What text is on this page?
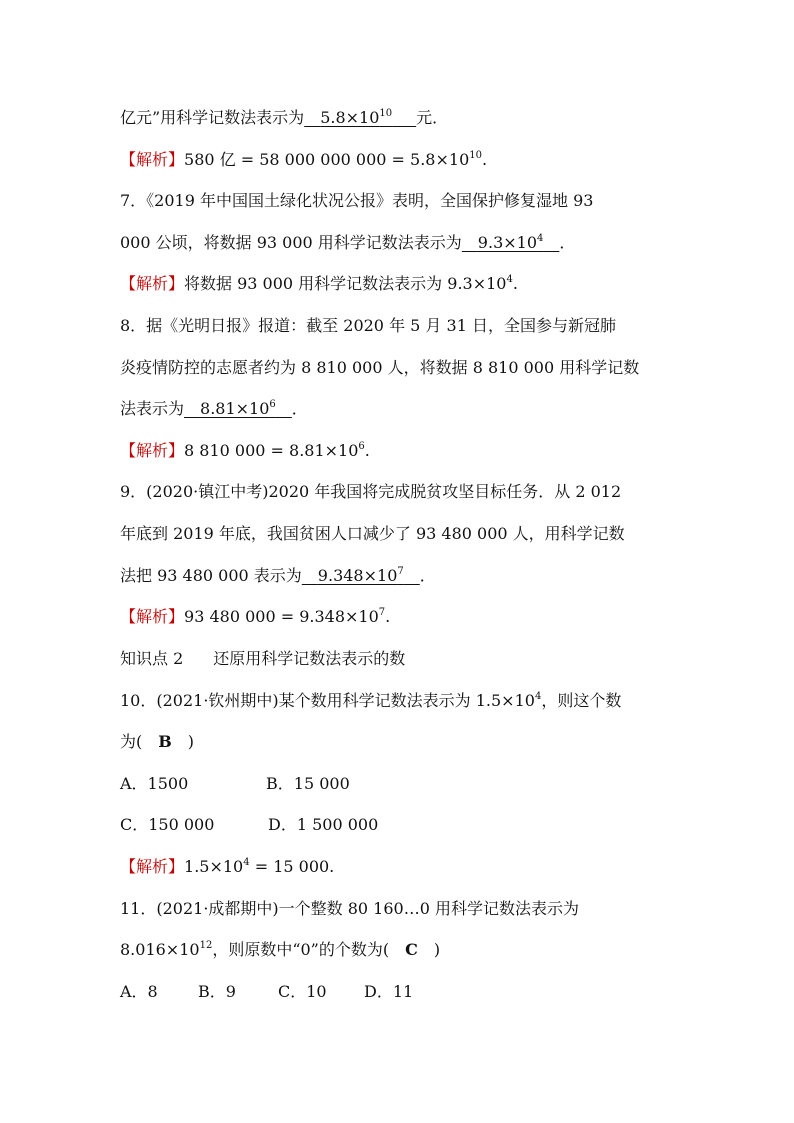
亿元”用科学记数法表示为   $5.8\times 10^{10}$    元．
【解析】580 亿 = 58 000 000 $000 = 5.8\times 10^{10}$.
7．《2019 年中国国土绿化状况公报》表明，全国保护修复湿地 93
000 公顷，将数据 93 000 用科学记数法表示为   $9.3\times 10^4$   ．
【解析】将数据 93 000 用科学记数法表示为 $9.3\times 10^4$.
8．据《光明日报》报道：截至 2020 年 5 月 31 日，全国参与新冠肺
炎疫情防控的志愿者约为 8 810 000 人，将数据 8 810 000 用科学记数
法表示为   $8.81\times 10^6$   ．
【解析】8 810 $000 = 8.81\times 10^6$.
9．(2020·镇江中考)2020 年我国将完成脱贫攻坚目标任务．从 2 012
年底到 2019 年底，我国贫困人口减少了 93 480 000 人，用科学记数
法把 93 480 000 表示为   $9.348\times 10^7$   ．
【解析】93 480 $000 = 9.348\times 10^7$.
知识点 2 还原用科学记数法表示的数
10．(2021·钦州期中)某个数用科学记数法表示为 $1.5\times 10^4$，则这个数
为(   B   )
A．1500	B．15 000
C．150 000	D．1 500 000
【解析】$1.5\times 10^4 = 15$ 000.
11．(2021·成都期中)一个整数 80 160…0 用科学记数法表示为
$8.016\times 10^{12}$，则原数中“0”的个数为(   C   )
A．8	B．9	C．10 D．11
